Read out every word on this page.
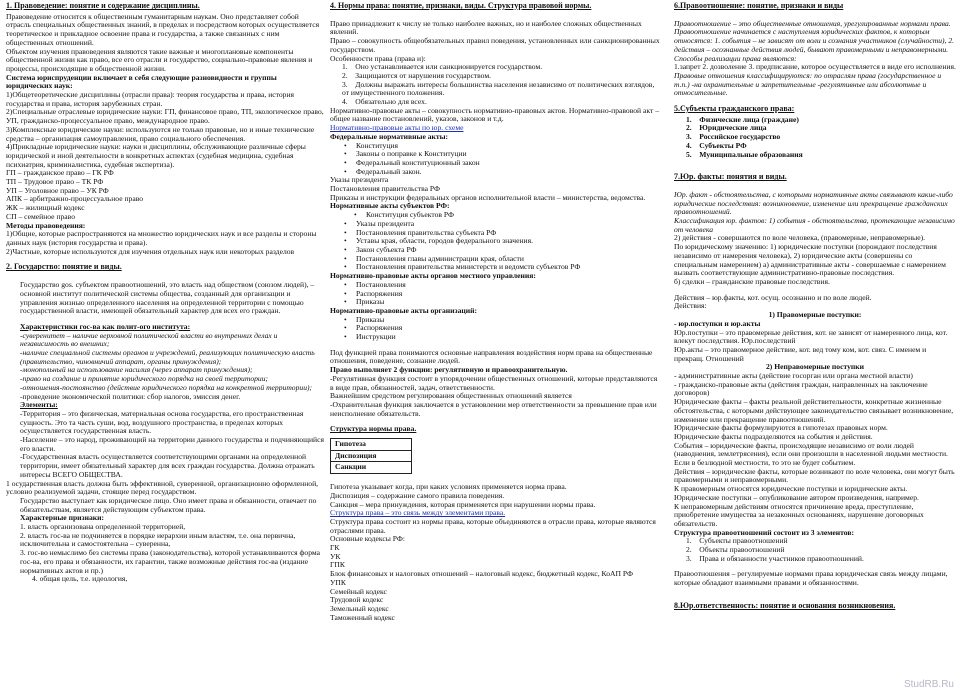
1. Правоведение: понятие и содержание дисциплины.
Правоведение относится к общественным гуманитарным наукам. Оно представляет собой отрасль специальных общественных знаний, в пределах и посредством которых осуществляется теоретическое и прикладное освоение права и государства, а также связанных с ним общественных отношений.
Объектом изучения правоведения являются такие важные и многоплановые компоненты общественной жизни как право, все его отрасли и государство, социально-правовые явления и процессы, происходящие в общественной жизни.
Система юриспруденции включает в себя следующие разновидности и группы юридических наук:
1)Общетеоретические дисциплины (отрасли права): теория государства и права, история государства и права, история зарубежных стран.
2)Специальные отраслевые юридические науки: ГП, финансовое право, ТП, экологическое право, УП, гражданско-процессуальное право, международное право.
3)Комплексные юридические науки: используются не только правовые, но и иные технические средства – организация самоуправления, право социального обеспечения.
4)Прикладные юридические науки: науки и дисциплины, обслуживающие различные сферы юридической и иной деятельности в конкретных аспектах (судебная медицина, судебная психиатрия, криминалистика, судебная экспертиза).
ГП – гражданское право – ГК РФ
ТП – Трудовое право – ТК РФ
УП – Уголовное право – УК РФ
АПК – арбитражно-процессуальное право
ЖК – жилищный кодекс
СП – семейное право
Методы правоведения:
1)Общие, которые распространяются на множество юридических наук и все разделы и стороны данных наук (история государства и права).
2)Частные, которые используются для изучения отдельных наук или некоторых разделов
2. Государство: понятие и виды.
Государство gos. субъектом правоотношений, это власть над обществом (союзом людей), – основной институт политической системы общества, созданный для организации и управления жизнью определенного населения на определенной территории с помощью государственной власти, имеющей обязательный характер для всех его граждан.
Характеристики гос-ва как полит-ого института:
-суверенитет – наличие верховной политической власти во внутренних делах и независимость во внешних;
-наличие специальной системы органов и учреждений, реализующих политическую власть (правительство, чиновничий аппарат, органы принуждения);
-монопольный на использование насилия (через аппарат принуждения);
-право на создание и принятие юридического порядка на своей территории;
-отношения-постоянство (действие юридического порядка на конкретной территории);
-проведение экономической политики: сбор налогов, эмиссия денег.
Элементы:
-Территория – это физическая, материальная основа государства, его пространственная сущность. Это та часть суши, вод, воздушного пространства, в пределах которых осуществляется государственная власть.
-Население – это народ, проживающий на территории данного государства и подчиняющийся его власти.
-Государственная власть осуществляется соответствующими органами на определенной территории, имеет обязательный характер для всех граждан государства. Должна отражать интересы ВСЕГО ОБЩЕСТВА.
1 осударственная власть должна быть эффективной, суверенной, организационно оформленной, условно реализуемой задачи, стоящие перед государством.
Государство выступает как юридическое лицо. Оно имеет права и обязанности, отвечает по обязательствам, является действующим субъектом права.
Характерные признаки:
1. власть организована определенной территорией,
2. власть гос-ва не подчиняется в порядке иерархии иным властям, т.е. она первична, исключительна и самостоятельна – суверенна,
3. гос-во немыслимо без системы права (законодательства), которой устанавливаются форма гос-ва, его права и обязанности, их гарантии, также возможные действия гос-ва (издание нормативных актов и пр.)
4. общая цель, т.е. идеология,
4. Нормы права: понятие, признаки, виды. Структура правовой нормы.
Право принадлежит к числу не только наиболее важных, но и наиболее сложных общественных явлений.
Право – совокупность общеобязательных правил поведения, установленных или санкционированных государством.
Особенности права (права и):
1.    Оно устанавливается или санкционируется государством.
2.    Защищаются от нарушения государством.
3.    Должны выражать интересы большинства населения независимо от политических взглядов, от имущественного положения.
4.    Обязательно для всех.
Нормативно-правовые акты – совокупность нормативно-правовых актов. Нормативно-правовой акт – общее название постановлений, указов, законов и т.д.
Нормативно-правовые акты по юр. схеме
Федеральные нормативные акты:
• Конституция
• Законы о поправке к Конституции
• Федеральный конституционный закон
• Федеральный закон.
Указы президента
Постановления правительства РФ
Приказы и инструкции федеральных органов исполнительной власти – министерства, ведомства.
Нормативные акты субъектов РФ:
• Конституция субъектов РФ
• Указы президента
• Постановления правительства субъекта РФ
• Уставы края, области, городов федерального значения.
• Закон субъекта РФ
• Постановления главы администрации края, области
• Постановления правительства министерств и ведомств субъектов РФ
Нормативно-правовые акты органов местного управления:
• Постановления
• Распоряжения
• Приказы
Нормативно-правовые акты организаций:
• Приказы
• Распоряжения
• Инструкции
Под функцией права понимаются основные направления воздействия норм права на общественные отношения, поведение, сознание людей.
Право выполняет 2 функции: регулятивную и правоохранительную.
-Регулятивная функция состоит в упорядочении общественных отношений, которые представляются в виде прав, обязанностей, задач, ответственности.
Важнейшим средством регулирования общественных отношений является
-Охранительная функция заключается в установлении мер ответственности за превышение прав или неисполнение обязательств.
Структура нормы права.
Гипотеза
Диспозиция
Санкции
Гипотеза указывает когда, при каких условиях применяется норма права.
Диспозиция – содержание самого правила поведения.
Санкция – мера принуждения, которая применяется при нарушении нормы права.
Структура права – это связь между элементами права.
Структура права состоит из нормы права, которые объединяются в отрасли права, которые являются отраслями права.
Основные кодексы РФ:
ГК
УК
ГПК
Блок финансовых и налоговых отношений – налоговый кодекс, бюджетный кодекс, КоАП РФ
УПК
Семейный кодекс
Трудовой кодекс
Земельный кодекс
Таможенный кодекс
6.Правоотношение: понятие, признаки и виды
Правоотношение – это общественные отношения, урегулированные нормами права. Правоотношение начинается с наступления юридических фактов, к которым относятся: 1. события – не зависят от воли и сознания участников (случайности), 2. действия – осознанные действия людей, бывают правомерными и неправомерными. Способы реализации права являются:
1.запрет 2. дозволение 3. предписание, которое осуществляется в виде его исполнения.
Правовые отношения классифицируются: по отраслям права (государственное и т.п.) -на охранительные и запретительные -регулятивные или абсолютные и относительные.
5.Субъекты гражданского права:
1.    Физические лица (граждане)
2.    Юридические лица
3.    Российское государство
4.    Субъекты РФ
5.    Муниципальные образования
7.Юр. факты: понятия и виды.
Юр. факт - обстоятельства, с которыми нормативные акты связывают какие-либо юридические последствия: возникновение, изменение или прекращение гражданских правоотношений.
Классификация юр. фактов: 1) события - обстоятельства, протекающие независимо от человека
2) действия - совершаются по воле человека, (правомерные, неправомерные).
По юридическому значению: 1) юридические поступки (порождают последствия независимо от намерения человека), 2) юридические акты (совершены со специальным намерением) а) административные акты - совершаемые с намерением вызвать соответствующие административно-правовые последствия.
б) сделки – гражданские правовые последствия.
Действия – юр.факты, кот. осущ. осознанно и по воле людей.
Действия:
1) Правомерные поступки:
- юр.поступки и юр.акты
Юр.поступки – это правомерные действия, кот. не зависят от намеренного лица, кот. влекут последствия. Юр.последствий
Юр.акты – это правомерное действие, кот. вед тому ком, кот. связ. С именем и прекращ. Отношений
2) Неправомерные поступки
- административные акты (действие госорган или органа местной власти)
- гражданско-правовые акты (действия граждан, направленных на заключение договоров)
Юридические факты – факты реальной действительности, конкретные жизненные обстоятельства, с которыми действующее законодательство связывает возникновение, изменение или прекращение правоотношений.
Юридические факты формулируются в гипотезах правовых норм.
Юридические факты подразделяются на события и действия.
События – юридические факты, происходящие независимо от воли людей (наводнения, землетрясения), если они произошли в населенной людьми местности. Если в безлюдной местности, то это не будет событием.
Действия – юридические факты, которые возникают по воле человека, они могут быть правомерными и неправомерными.
К правомерным относятся юридические поступки и юридические акты.
Юридические поступки – опубликование автором произведения, например.
К неправомерным действиям относятся причинение вреда, преступление, приобретение имущества за незаконных основаниях, нарушение договорных обязательств.
Структура правоотношений состоит из 3 элементов:
1.    Субъекты правоотношений
2.    Объекты правоотношений
3.    Права и обязанности участников правоотношений.
Правоотношения – регулируемые нормами права юридическая связь между лицами, которые обладают взаимными правами и обязанностями.
8.Юр.ответственность: понятие и основания возникновения.
StudRB.Ru
